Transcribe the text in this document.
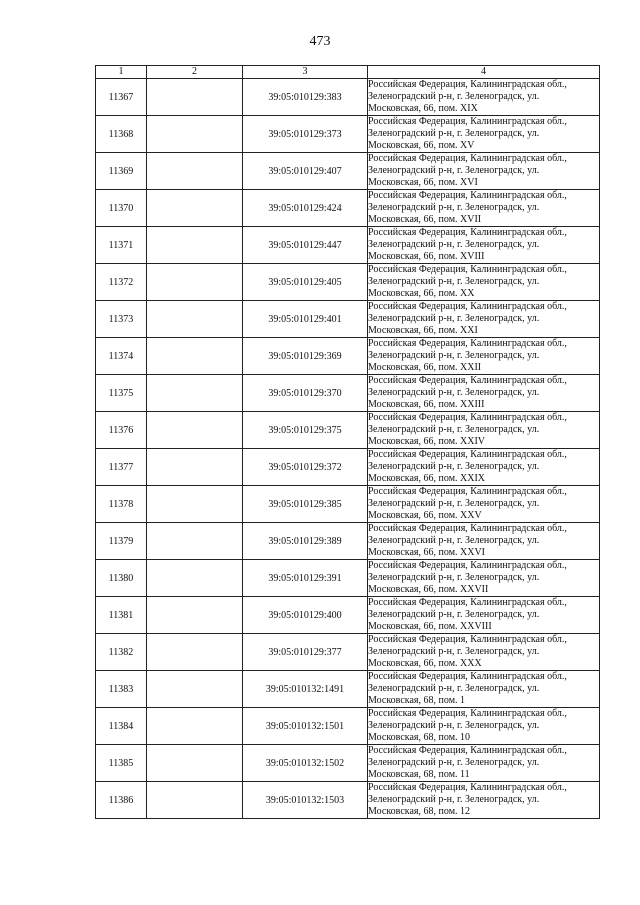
473
1	2	3	4
11367		39:05:010129:383	Российская Федерация, Калининградская обл.,
Зеленоградский р-н, г. Зеленоградск, ул.
Московская, 66, пом. XIX

11368		39:05:010129:373	Российская Федерация, Калининградская обл.,
Зеленоградский р-н, г. Зеленоградск, ул.
Московская, 66, пом. XV

11369		39:05:010129:407	Российская Федерация, Калининградская обл.,
Зеленоградский р-н, г. Зеленоградск, ул.
Московская, 66, пом. XVI

11370		39:05:010129:424	Российская Федерация, Калининградская обл.,
Зеленоградский р-н, г. Зеленоградск, ул.
Московская, 66, пом. XVII

11371		39:05:010129:447	Российская Федерация, Калининградская обл.,
Зеленоградский р-н, г. Зеленоградск, ул.
Московская, 66, пом. XVIII

11372		39:05:010129:405	Российская Федерация, Калининградская обл.,
Зеленоградский р-н, г. Зеленоградск, ул.
Московская, 66, пом. XX

11373		39:05:010129:401	Российская Федерация, Калининградская обл.,
Зеленоградский р-н, г. Зеленоградск, ул.
Московская, 66, пом. XXI

11374		39:05:010129:369	Российская Федерация, Калининградская обл.,
Зеленоградский р-н, г. Зеленоградск, ул.
Московская, 66, пом. XXII

11375		39:05:010129:370	Российская Федерация, Калининградская обл.,
Зеленоградский р-н, г. Зеленоградск, ул.
Московская, 66, пом. XXIII

11376		39:05:010129:375	Российская Федерация, Калининградская обл.,
Зеленоградский р-н, г. Зеленоградск, ул.
Московская, 66, пом. XXIV

11377		39:05:010129:372	Российская Федерация, Калининградская обл.,
Зеленоградский р-н, г. Зеленоградск, ул.
Московская, 66, пом. XXIX

11378		39:05:010129:385	Российская Федерация, Калининградская обл.,
Зеленоградский р-н, г. Зеленоградск, ул.
Московская, 66, пом. XXV

11379		39:05:010129:389	Российская Федерация, Калининградская обл.,
Зеленоградский р-н, г. Зеленоградск, ул.
Московская, 66, пом. XXVI

11380		39:05:010129:391	Российская Федерация, Калининградская обл.,
Зеленоградский р-н, г. Зеленоградск, ул.
Московская, 66, пом. XXVII

11381		39:05:010129:400	Российская Федерация, Калининградская обл.,
Зеленоградский р-н, г. Зеленоградск, ул.
Московская, 66, пом. XXVIII

11382		39:05:010129:377	Российская Федерация, Калининградская обл.,
Зеленоградский р-н, г. Зеленоградск, ул.
Московская, 66, пом. XXX

11383		39:05:010132:1491	Российская Федерация, Калининградская обл.,
Зеленоградский р-н, г. Зеленоградск, ул.
Московская, 68, пом. 1

11384		39:05:010132:1501	Российская Федерация, Калининградская обл.,
Зеленоградский р-н, г. Зеленоградск, ул.
Московская, 68, пом. 10

11385		39:05:010132:1502	Российская Федерация, Калининградская обл.,
Зеленоградский р-н, г. Зеленоградск, ул.
Московская, 68, пом. 11

11386		39:05:010132:1503	Российская Федерация, Калининградская обл.,
Зеленоградский р-н, г. Зеленоградск, ул.
Московская, 68, пом. 12
